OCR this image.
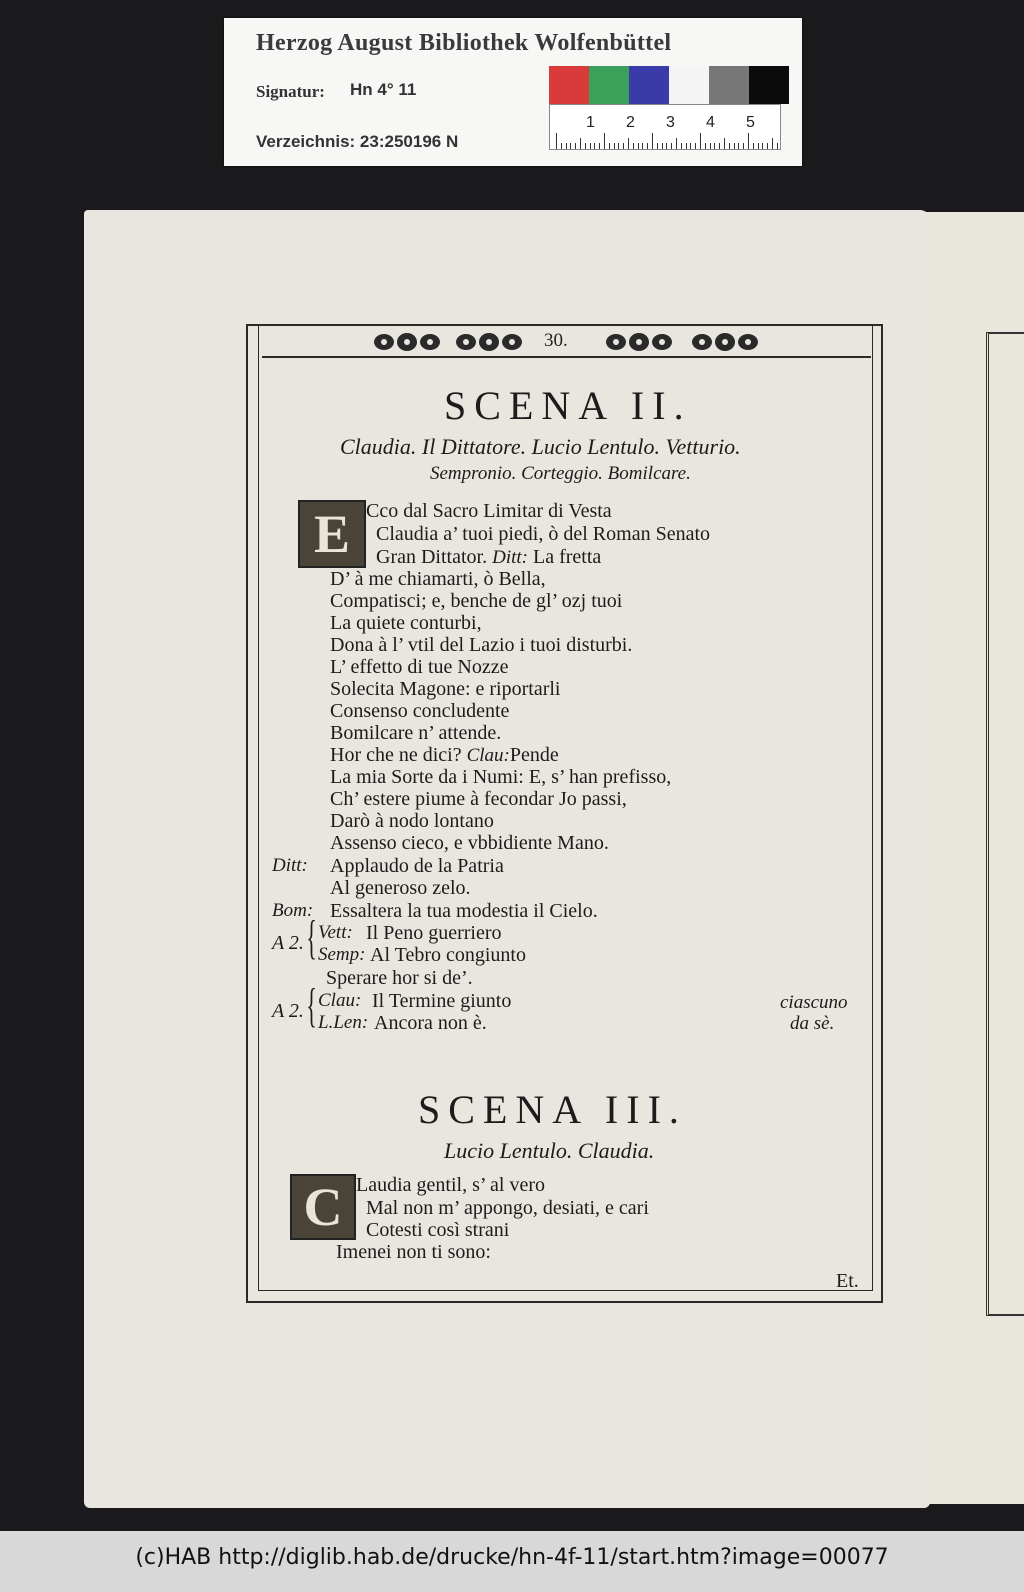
Herzog August Bibliothek Wolfenbüttel
Signatur: Hn 4° 11
Verzeichnis: 23:250196 N
1 2 3 4 5
30.
SCENA II.
Claudia. Il Dittatore. Lucio Lentulo. Vetturio.
Sempronio. Corteggio. Bomilcare.
E Cco dal Sacro Limitar di Vesta
Claudia a’ tuoi piedi, ò del Roman Senato
Gran Dittator. Ditt: La fretta
D’ à me chiamarti, ò Bella,
Compatisci; e, benche de gl’ ozj tuoi
La quiete conturbi,
Dona à l’ vtil del Lazio i tuoi disturbi.
L’ effetto di tue Nozze
Solecita Magone: e riportarli
Consenso concludente
Bomilcare n’ attende.
Hor che ne dici? Clau:Pende
La mia Sorte da i Numi: E, s’ han prefisso,
Ch’ estere piume à fecondar Jo passi,
Darò à nodo lontano
Assenso cieco, e vbbidiente Mano.
Ditt: Applaudo de la Patria
Al generoso zelo.
Bom: Essaltera la tua modestia il Cielo.
A 2. { Vett: Il Peno guerriero
Semp: Al Tebro congiunto
Sperare hor si de’.
A 2. { Clau: Il Termine giunto
L.Len: Ancora non è.
ciascuno
da sè.
SCENA III.
Lucio Lentulo. Claudia.
C Laudia gentil, s’ al vero
Mal non m’ appongo, desiati, e cari
Cotesti così strani
Imenei non ti sono:
Et.
(c)HAB http://diglib.hab.de/drucke/hn-4f-11/start.htm?image=00077
